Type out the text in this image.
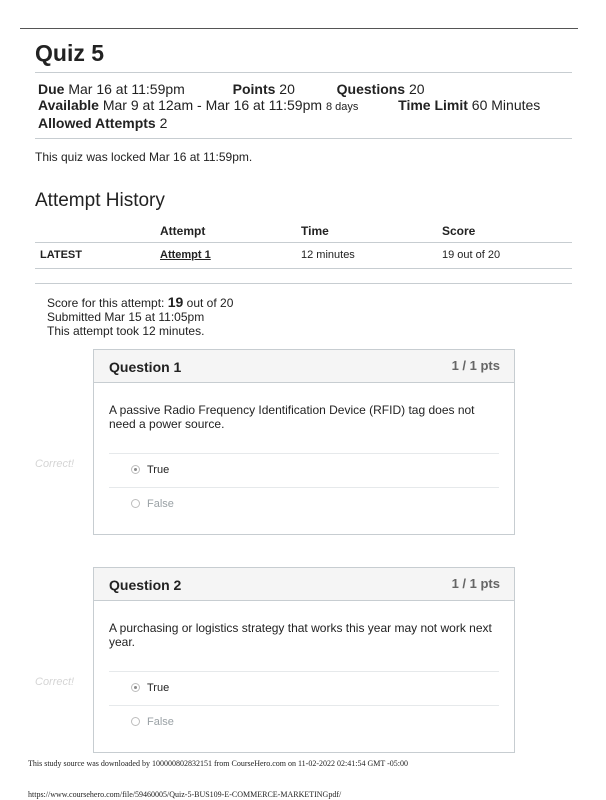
Quiz 5
Due Mar 16 at 11:59pm	Points 20	Questions 20
Available Mar 9 at 12am - Mar 16 at 11:59pm 8 days	Time Limit 60 Minutes
Allowed Attempts 2
This quiz was locked Mar 16 at 11:59pm.
Attempt History
	Attempt	Time	Score
LATEST	Attempt 1	12 minutes	19 out of 20
Score for this attempt: 19 out of 20
Submitted Mar 15 at 11:05pm
This attempt took 12 minutes.
Correct!
Question 1	1 / 1 pts
A passive Radio Frequency Identification Device (RFID) tag does not need a power source.
True
False
Correct!
Question 2	1 / 1 pts
A purchasing or logistics strategy that works this year may not work next year.
True
False
This study source was downloaded by 100000802832151 from CourseHero.com on 11-02-2022 02:41:54 GMT -05:00
https://www.coursehero.com/file/59460005/Quiz-5-BUS109-E-COMMERCE-MARKETINGpdf/
